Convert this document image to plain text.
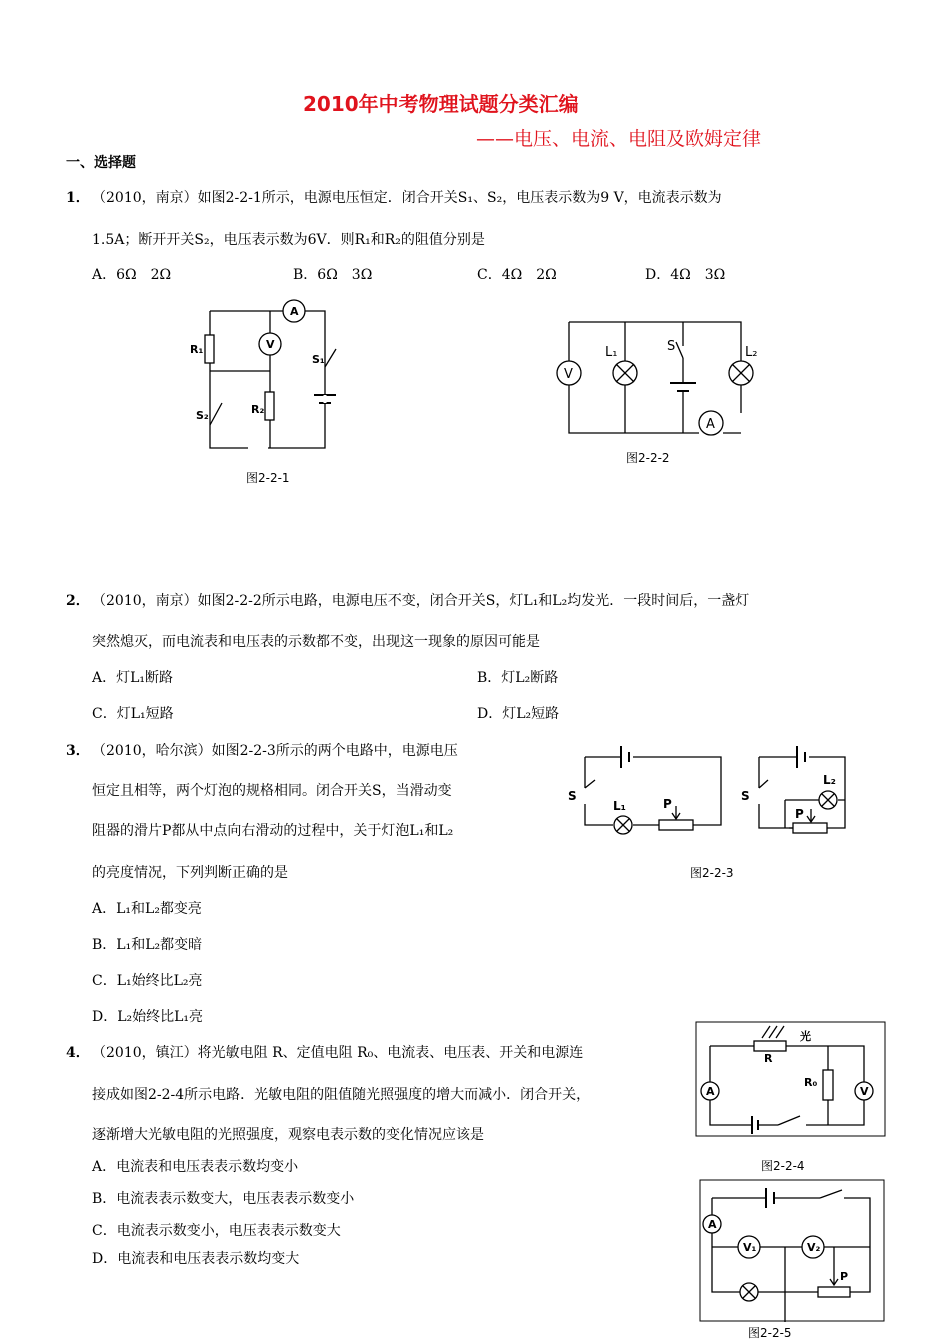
2010年中考物理试题分类汇编
——电压、电流、电阻及欧姆定律
一、选择题
1． （2010，南京）如图2-2-1所示，电源电压恒定．闭合开关S₁、S₂，电压表示数为9 V，电流表示数为
1.5A；断开开关S₂，电压表示数为6V．则R₁和R₂的阻值分别是
A．6Ω　2Ω	B．6Ω　3Ω	C．4Ω　2Ω	D．4Ω　3Ω
A
V
R₁
R₂
S₁
S₂
图2-2-1
V
A
L₁	L₂
S
图2-2-2
2． （2010，南京）如图2-2-2所示电路，电源电压不变，闭合开关S，灯L₁和L₂均发光．一段时间后，一盏灯
突然熄灭，而电流表和电压表的示数都不变，出现这一现象的原因可能是
A．灯L₁断路	B．灯L₂断路
C．灯L₁短路	D．灯L₂短路
3． （2010，哈尔滨）如图2-2-3所示的两个电路中，电源电压
恒定且相等，两个灯泡的规格相同。闭合开关S，当滑动变
阻器的滑片P都从中点向右滑动的过程中，关于灯泡L₁和L₂
的亮度情况，下列判断正确的是
S
L₁	P
S
L₂
P
图2-2-3
A．L₁和L₂都变亮
B．L₁和L₂都变暗
C．L₁始终比L₂亮
D．L₂始终比L₁亮
4． （2010，镇江）将光敏电阻 R、定值电阻 R₀、电流表、电压表、开关和电源连
接成如图2-2-4所示电路．光敏电阻的阻值随光照强度的增大而减小．闭合开关，
逐渐增大光敏电阻的光照强度，观察电表示数的变化情况应该是
A．电流表和电压表表示数均变小
B．电流表表示数变大，电压表表示数变小
C．电流表示数变小，电压表表示数变大
D．电流表和电压表表示数均变大
光
R
R₀
A	V
图2-2-4
A
V₁	V₂
P
图2-2-5
